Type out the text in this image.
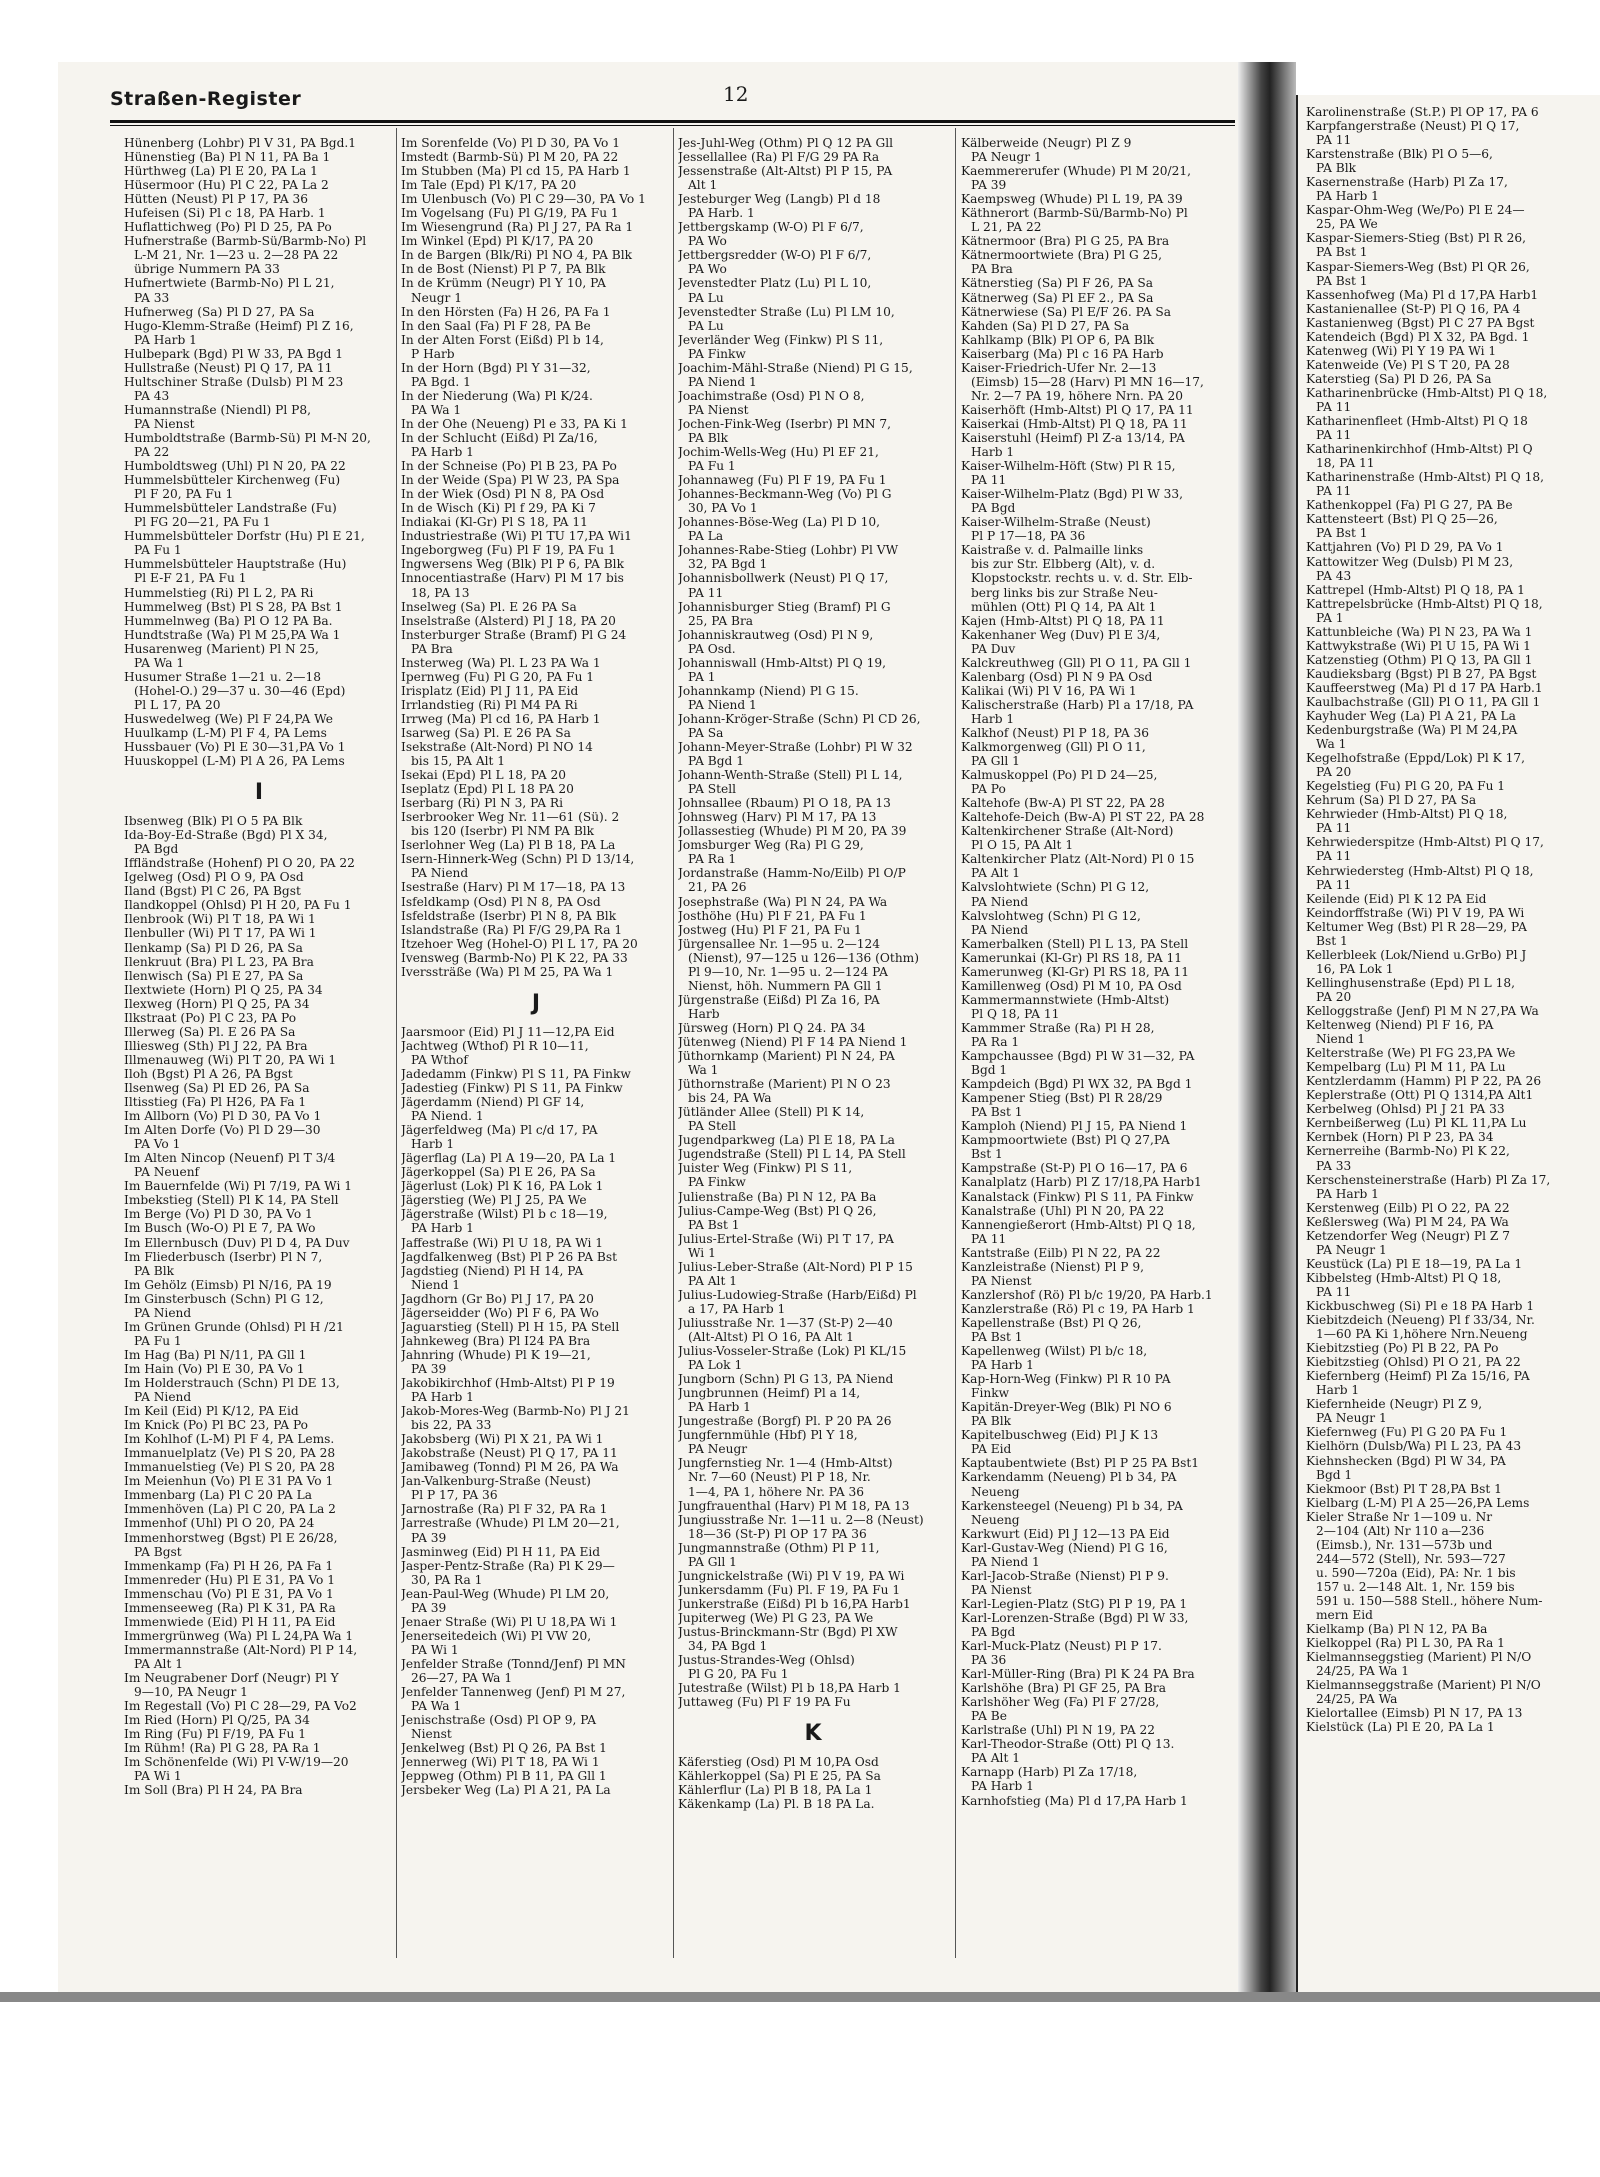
Straßen-Register	12
Hünenberg (Lohbr) Pl V 31, PA Bgd.1
Hünenstieg (Ba) Pl N 11, PA Ba 1
Hürthweg (La) Pl E 20, PA La 1
Hüsermoor (Hu) Pl C 22, PA La 2
Hütten (Neust) Pl P 17, PA 36
Hufeisen (Si) Pl c 18, PA Harb. 1
Huflattichweg (Po) Pl D 25, PA Po
Hufnerstraße (Barmb-Sü/Barmb-No) Pl
L-M 21, Nr. 1—23 u. 2—28 PA 22
übrige Nummern PA 33
Hufnertwiete (Barmb-No) Pl L 21,
PA 33
Hufnerweg (Sa) Pl D 27, PA Sa
Hugo-Klemm-Straße (Heimf) Pl Z 16,
PA Harb 1
Hulbepark (Bgd) Pl W 33, PA Bgd 1
Hullstraße (Neust) Pl Q 17, PA 11
Hultschiner Straße (Dulsb) Pl M 23
PA 43
Humannstraße (Niendl) Pl P8,
PA Nienst
Humboldtstraße (Barmb-Sü) Pl M-N 20,
PA 22
Humboldtsweg (Uhl) Pl N 20, PA 22
Hummelsbütteler Kirchenweg (Fu)
Pl F 20, PA Fu 1
Hummelsbütteler Landstraße (Fu)
Pl FG 20—21, PA Fu 1
Hummelsbütteler Dorfstr (Hu) Pl E 21,
PA Fu 1
Hummelsbütteler Hauptstraße (Hu)
Pl E-F 21, PA Fu 1
Hummelstieg (Ri) Pl L 2, PA Ri
Hummelweg (Bst) Pl S 28, PA Bst 1
Hummelnweg (Ba) Pl O 12 PA Ba.
Hundtstraße (Wa) Pl M 25,PA Wa 1
Husarenweg (Marient) Pl N 25,
PA Wa 1
Husumer Straße 1—21 u. 2—18
(Hohel-O.) 29—37 u. 30—46 (Epd)
Pl L 17, PA 20
Huswedelweg (We) Pl F 24,PA We
Huulkamp (L-M) Pl F 4, PA Lems
Hussbauer (Vo) Pl E 30—31,PA Vo 1
Huuskoppel (L-M) Pl A 26, PA Lems
I
Ibsenweg (Blk) Pl O 5 PA Blk
Ida-Boy-Ed-Straße (Bgd) Pl X 34,
PA Bgd
Iffländstraße (Hohenf) Pl O 20, PA 22
Igelweg (Osd) Pl O 9, PA Osd
Iland (Bgst) Pl C 26, PA Bgst
Ilandkoppel (Ohlsd) Pl H 20, PA Fu 1
Ilenbrook (Wi) Pl T 18, PA Wi 1
Ilenbuller (Wi) Pl T 17, PA Wi 1
Ilenkamp (Sa) Pl D 26, PA Sa
Ilenkruut (Bra) Pl L 23, PA Bra
Ilenwisch (Sa) Pl E 27, PA Sa
Ilextwiete (Horn) Pl Q 25, PA 34
Ilexweg (Horn) Pl Q 25, PA 34
Ilkstraat (Po) Pl C 23, PA Po
Illerweg (Sa) Pl. E 26 PA Sa
Illiesweg (Sth) Pl J 22, PA Bra
Illmenauweg (Wi) Pl T 20, PA Wi 1
Iloh (Bgst) Pl A 26, PA Bgst
Ilsenweg (Sa) Pl ED 26, PA Sa
Iltisstieg (Fa) Pl H26, PA Fa 1
Im Allborn (Vo) Pl D 30, PA Vo 1
Im Alten Dorfe (Vo) Pl D 29—30
PA Vo 1
Im Alten Nincop (Neuenf) Pl T 3/4
PA Neuenf
Im Bauernfelde (Wi) Pl 7/19, PA Wi 1
Imbekstieg (Stell) Pl K 14, PA Stell
Im Berge (Vo) Pl D 30, PA Vo 1
Im Busch (Wo-O) Pl E 7, PA Wo
Im Ellernbusch (Duv) Pl D 4, PA Duv
Im Fliederbusch (Iserbr) Pl N 7,
PA Blk
Im Gehölz (Eimsb) Pl N/16, PA 19
Im Ginsterbusch (Schn) Pl G 12,
PA Niend
Im Grünen Grunde (Ohlsd) Pl H /21
PA Fu 1
Im Hag (Ba) Pl N/11, PA Gll 1
Im Hain (Vo) Pl E 30, PA Vo 1
Im Holderstrauch (Schn) Pl DE 13,
PA Niend
Im Keil (Eid) Pl K/12, PA Eid
Im Knick (Po) Pl BC 23, PA Po
Im Kohlhof (L-M) Pl F 4, PA Lems.
Immanuelplatz (Ve) Pl S 20, PA 28
Immanuelstieg (Ve) Pl S 20, PA 28
Im Meienhun (Vo) Pl E 31 PA Vo 1
Immenbarg (La) Pl C 20 PA La
Immenhöven (La) Pl C 20, PA La 2
Immenhof (Uhl) Pl O 20, PA 24
Immenhorstweg (Bgst) Pl E 26/28,
PA Bgst
Immenkamp (Fa) Pl H 26, PA Fa 1
Immenreder (Hu) Pl E 31, PA Vo 1
Immenschau (Vo) Pl E 31, PA Vo 1
Immenseeweg (Ra) Pl K 31, PA Ra
Immenwiede (Eid) Pl H 11, PA Eid
Immergrünweg (Wa) Pl L 24,PA Wa 1
Immermannstraße (Alt-Nord) Pl P 14,
PA Alt 1
Im Neugrabener Dorf (Neugr) Pl Y
9—10, PA Neugr 1
Im Regestall (Vo) Pl C 28—29, PA Vo2
Im Ried (Horn) Pl Q/25, PA 34
Im Ring (Fu) Pl F/19, PA Fu 1
Im Rühm! (Ra) Pl G 28, PA Ra 1
Im Schönenfelde (Wi) Pl V-W/19—20
PA Wi 1
Im Soll (Bra) Pl H 24, PA Bra
Im Sorenfelde (Vo) Pl D 30, PA Vo 1
Imstedt (Barmb-Sü) Pl M 20, PA 22
Im Stubben (Ma) Pl cd 15, PA Harb 1
Im Tale (Epd) Pl K/17, PA 20
Im Ulenbusch (Vo) Pl C 29—30, PA Vo 1
Im Vogelsang (Fu) Pl G/19, PA Fu 1
Im Wiesengrund (Ra) Pl J 27, PA Ra 1
Im Winkel (Epd) Pl K/17, PA 20
In de Bargen (Blk/Ri) Pl NO 4, PA Blk
In de Bost (Nienst) Pl P 7, PA Blk
In de Krümm (Neugr) Pl Y 10, PA
Neugr 1
In den Hörsten (Fa) H 26, PA Fa 1
In den Saal (Fa) Pl F 28, PA Be
In der Alten Forst (Eißd) Pl b 14,
P Harb
In der Horn (Bgd) Pl Y 31—32,
PA Bgd. 1
In der Niederung (Wa) Pl K/24.
PA Wa 1
In der Ohe (Neueng) Pl e 33, PA Ki 1
In der Schlucht (Eißd) Pl Za/16,
PA Harb 1
In der Schneise (Po) Pl B 23, PA Po
In der Weide (Spa) Pl W 23, PA Spa
In der Wiek (Osd) Pl N 8, PA Osd
In de Wisch (Ki) Pl f 29, PA Ki 7
Indiakai (Kl-Gr) Pl S 18, PA 11
Industriestraße (Wi) Pl TU 17,PA Wi1
Ingeborgweg (Fu) Pl F 19, PA Fu 1
Ingwersens Weg (Blk) Pl P 6, PA Blk
Innocentiastraße (Harv) Pl M 17 bis
18, PA 13
Inselweg (Sa) Pl. E 26 PA Sa
Inselstraße (Alsterd) Pl J 18, PA 20
Insterburger Straße (Bramf) Pl G 24
PA Bra
Insterweg (Wa) Pl. L 23 PA Wa 1
Ipernweg (Fu) Pl G 20, PA Fu 1
Irisplatz (Eid) Pl J 11, PA Eid
Irrlandstieg (Ri) Pl M4 PA Ri
Irrweg (Ma) Pl cd 16, PA Harb 1
Isarweg (Sa) Pl. E 26 PA Sa
Isekstraße (Alt-Nord) Pl NO 14
bis 15, PA Alt 1
Isekai (Epd) Pl L 18, PA 20
Iseplatz (Epd) Pl L 18 PA 20
Iserbarg (Ri) Pl N 3, PA Ri
Iserbrooker Weg Nr. 11—61 (Sü). 2
bis 120 (Iserbr) Pl NM PA Blk
Iserlohner Weg (La) Pl B 18, PA La
Isern-Hinnerk-Weg (Schn) Pl D 13/14,
PA Niend
Isestraße (Harv) Pl M 17—18, PA 13
Isfeldkamp (Osd) Pl N 8, PA Osd
Isfeldstraße (Iserbr) Pl N 8, PA Blk
Islandstraße (Ra) Pl F/G 29,PA Ra 1
Itzehoer Weg (Hohel-O) Pl L 17, PA 20
Ivensweg (Barmb-No) Pl K 22, PA 33
Iverssträße (Wa) Pl M 25, PA Wa 1
J
Jaarsmoor (Eid) Pl J 11—12,PA Eid
Jachtweg (Wthof) Pl R 10—11,
PA Wthof
Jadedamm (Finkw) Pl S 11, PA Finkw
Jadestieg (Finkw) Pl S 11, PA Finkw
Jägerdamm (Niend) Pl GF 14,
PA Niend. 1
Jägerfeldweg (Ma) Pl c/d 17, PA
Harb 1
Jägerflag (La) Pl A 19—20, PA La 1
Jägerkoppel (Sa) Pl E 26, PA Sa
Jägerlust (Lok) Pl K 16, PA Lok 1
Jägerstieg (We) Pl J 25, PA We
Jägerstraße (Wilst) Pl b c 18—19,
PA Harb 1
Jaffestraße (Wi) Pl U 18, PA Wi 1
Jagdfalkenweg (Bst) Pl P 26 PA Bst
Jagdstieg (Niend) Pl H 14, PA
Niend 1
Jagdhorn (Gr Bo) Pl J 17, PA 20
Jägerseidder (Wo) Pl F 6, PA Wo
Jaguarstieg (Stell) Pl H 15, PA Stell
Jahnkeweg (Bra) Pl I24 PA Bra
Jahnring (Whude) Pl K 19—21,
PA 39
Jakobikirchhof (Hmb-Altst) Pl P 19
PA Harb 1
Jakob-Mores-Weg (Barmb-No) Pl J 21
bis 22, PA 33
Jakobsberg (Wi) Pl X 21, PA Wi 1
Jakobstraße (Neust) Pl Q 17, PA 11
Jamibaweg (Tonnd) Pl M 26, PA Wa
Jan-Valkenburg-Straße (Neust)
Pl P 17, PA 36
Jarnostraße (Ra) Pl F 32, PA Ra 1
Jarrestraße (Whude) Pl LM 20—21,
PA 39
Jasminweg (Eid) Pl H 11, PA Eid
Jasper-Pentz-Straße (Ra) Pl K 29—
30, PA Ra 1
Jean-Paul-Weg (Whude) Pl LM 20,
PA 39
Jenaer Straße (Wi) Pl U 18,PA Wi 1
Jenerseitedeich (Wi) Pl VW 20,
PA Wi 1
Jenfelder Straße (Tonnd/Jenf) Pl MN
26—27, PA Wa 1
Jenfelder Tannenweg (Jenf) Pl M 27,
PA Wa 1
Jenischstraße (Osd) Pl OP 9, PA
Nienst
Jenkelweg (Bst) Pl Q 26, PA Bst 1
Jennerweg (Wi) Pl T 18, PA Wi 1
Jeppweg (Othm) Pl B 11, PA Gll 1
Jersbeker Weg (La) Pl A 21, PA La
Jes-Juhl-Weg (Othm) Pl Q 12 PA Gll
Jessellallee (Ra) Pl F/G 29 PA Ra
Jessenstraße (Alt-Altst) Pl P 15, PA
Alt 1
Jesteburger Weg (Langb) Pl d 18
PA Harb. 1
Jettbergskamp (W-O) Pl F 6/7,
PA Wo
Jettbergsredder (W-O) Pl F 6/7,
PA Wo
Jevenstedter Platz (Lu) Pl L 10,
PA Lu
Jevenstedter Straße (Lu) Pl LM 10,
PA Lu
Jeverländer Weg (Finkw) Pl S 11,
PA Finkw
Joachim-Mähl-Straße (Niend) Pl G 15,
PA Niend 1
Joachimstraße (Osd) Pl N O 8,
PA Nienst
Jochen-Fink-Weg (Iserbr) Pl MN 7,
PA Blk
Jochim-Wells-Weg (Hu) Pl EF 21,
PA Fu 1
Johannaweg (Fu) Pl F 19, PA Fu 1
Johannes-Beckmann-Weg (Vo) Pl G
30, PA Vo 1
Johannes-Böse-Weg (La) Pl D 10,
PA La
Johannes-Rabe-Stieg (Lohbr) Pl VW
32, PA Bgd 1
Johannisbollwerk (Neust) Pl Q 17,
PA 11
Johannisburger Stieg (Bramf) Pl G
25, PA Bra
Johanniskrautweg (Osd) Pl N 9,
PA Osd.
Johanniswall (Hmb-Altst) Pl Q 19,
PA 1
Johannkamp (Niend) Pl G 15.
PA Niend 1
Johann-Kröger-Straße (Schn) Pl CD 26,
PA Sa
Johann-Meyer-Straße (Lohbr) Pl W 32
PA Bgd 1
Johann-Wenth-Straße (Stell) Pl L 14,
PA Stell
Johnsallee (Rbaum) Pl O 18, PA 13
Johnsweg (Harv) Pl M 17, PA 13
Jollassestieg (Whude) Pl M 20, PA 39
Jomsburger Weg (Ra) Pl G 29,
PA Ra 1
Jordanstraße (Hamm-No/Eilb) Pl O/P
21, PA 26
Josephstraße (Wa) Pl N 24, PA Wa
Josthöhe (Hu) Pl F 21, PA Fu 1
Jostweg (Hu) Pl F 21, PA Fu 1
Jürgensallee Nr. 1—95 u. 2—124
(Nienst), 97—125 u 126—136 (Othm)
Pl 9—10, Nr. 1—95 u. 2—124 PA
Nienst, höh. Nummern PA Gll 1
Jürgenstraße (Eißd) Pl Za 16, PA
Harb
Jürsweg (Horn) Pl Q 24. PA 34
Jütenweg (Niend) Pl F 14 PA Niend 1
Jüthornkamp (Marient) Pl N 24, PA
Wa 1
Jüthornstraße (Marient) Pl N O 23
bis 24, PA Wa
Jütländer Allee (Stell) Pl K 14,
PA Stell
Jugendparkweg (La) Pl E 18, PA La
Jugendstraße (Stell) Pl L 14, PA Stell
Juister Weg (Finkw) Pl S 11,
PA Finkw
Julienstraße (Ba) Pl N 12, PA Ba
Julius-Campe-Weg (Bst) Pl Q 26,
PA Bst 1
Julius-Ertel-Straße (Wi) Pl T 17, PA
Wi 1
Julius-Leber-Straße (Alt-Nord) Pl P 15
PA Alt 1
Julius-Ludowieg-Straße (Harb/Eißd) Pl
a 17, PA Harb 1
Juliusstraße Nr. 1—37 (St-P) 2—40
(Alt-Altst) Pl O 16, PA Alt 1
Julius-Vosseler-Straße (Lok) Pl KL/15
PA Lok 1
Jungborn (Schn) Pl G 13, PA Niend
Jungbrunnen (Heimf) Pl a 14,
PA Harb 1
Jungestraße (Borgf) Pl. P 20 PA 26
Jungfernmühle (Hbf) Pl Y 18,
PA Neugr
Jungfernstieg Nr. 1—4 (Hmb-Altst)
Nr. 7—60 (Neust) Pl P 18, Nr.
1—4, PA 1, höhere Nr. PA 36
Jungfrauenthal (Harv) Pl M 18, PA 13
Jungiusstraße Nr. 1—11 u. 2—8 (Neust)
18—36 (St-P) Pl OP 17 PA 36
Jungmannstraße (Othm) Pl P 11,
PA Gll 1
Jungnickelstraße (Wi) Pl V 19, PA Wi
Junkersdamm (Fu) Pl. F 19, PA Fu 1
Junkerstraße (Eißd) Pl b 16,PA Harb1
Jupiterweg (We) Pl G 23, PA We
Justus-Brinckmann-Str (Bgd) Pl XW
34, PA Bgd 1
Justus-Strandes-Weg (Ohlsd)
Pl G 20, PA Fu 1
Jutestraße (Wilst) Pl b 18,PA Harb 1
Juttaweg (Fu) Pl F 19 PA Fu
K
Käferstieg (Osd) Pl M 10,PA Osd
Kählerkoppel (Sa) Pl E 25, PA Sa
Kählerflur (La) Pl B 18, PA La 1
Käkenkamp (La) Pl. B 18 PA La.
Kälberweide (Neugr) Pl Z 9
PA Neugr 1
Kaemmererufer (Whude) Pl M 20/21,
PA 39
Kaempsweg (Whude) Pl L 19, PA 39
Käthnerort (Barmb-Sü/Barmb-No) Pl
L 21, PA 22
Kätnermoor (Bra) Pl G 25, PA Bra
Kätnermoortwiete (Bra) Pl G 25,
PA Bra
Kätnerstieg (Sa) Pl F 26, PA Sa
Kätnerweg (Sa) Pl EF 2., PA Sa
Kätnerwiese (Sa) Pl E/F 26. PA Sa
Kahden (Sa) Pl D 27, PA Sa
Kahlkamp (Blk) Pl OP 6, PA Blk
Kaiserbarg (Ma) Pl c 16 PA Harb
Kaiser-Friedrich-Ufer Nr. 2—13
(Eimsb) 15—28 (Harv) Pl MN 16—17,
Nr. 2—7 PA 19, höhere Nrn. PA 20
Kaiserhöft (Hmb-Altst) Pl Q 17, PA 11
Kaiserkai (Hmb-Altst) Pl Q 18, PA 11
Kaiserstuhl (Heimf) Pl Z-a 13/14, PA
Harb 1
Kaiser-Wilhelm-Höft (Stw) Pl R 15,
PA 11
Kaiser-Wilhelm-Platz (Bgd) Pl W 33,
PA Bgd
Kaiser-Wilhelm-Straße (Neust)
Pl P 17—18, PA 36
Kaistraße v. d. Palmaille links
bis zur Str. Elbberg (Alt), v. d.
Klopstockstr. rechts u. v. d. Str. Elb-
berg links bis zur Straße Neu-
mühlen (Ott) Pl Q 14, PA Alt 1
Kajen (Hmb-Altst) Pl Q 18, PA 11
Kakenhaner Weg (Duv) Pl E 3/4,
PA Duv
Kalckreuthweg (Gll) Pl O 11, PA Gll 1
Kalenbarg (Osd) Pl N 9 PA Osd
Kalikai (Wi) Pl V 16, PA Wi 1
Kalischerstraße (Harb) Pl a 17/18, PA
Harb 1
Kalkhof (Neust) Pl P 18, PA 36
Kalkmorgenweg (Gll) Pl O 11,
PA Gll 1
Kalmuskoppel (Po) Pl D 24—25,
PA Po
Kaltehofe (Bw-A) Pl ST 22, PA 28
Kaltehofe-Deich (Bw-A) Pl ST 22, PA 28
Kaltenkirchener Straße (Alt-Nord)
Pl O 15, PA Alt 1
Kaltenkircher Platz (Alt-Nord) Pl 0 15
PA Alt 1
Kalvslohtwiete (Schn) Pl G 12,
PA Niend
Kalvslohtweg (Schn) Pl G 12,
PA Niend
Kamerbalken (Stell) Pl L 13, PA Stell
Kamerunkai (Kl-Gr) Pl RS 18, PA 11
Kamerunweg (Kl-Gr) Pl RS 18, PA 11
Kamillenweg (Osd) Pl M 10, PA Osd
Kammermannstwiete (Hmb-Altst)
Pl Q 18, PA 11
Kammmer Straße (Ra) Pl H 28,
PA Ra 1
Kampchaussee (Bgd) Pl W 31—32, PA
Bgd 1
Kampdeich (Bgd) Pl WX 32, PA Bgd 1
Kampener Stieg (Bst) Pl R 28/29
PA Bst 1
Kamploh (Niend) Pl J 15, PA Niend 1
Kampmoortwiete (Bst) Pl Q 27,PA
Bst 1
Kampstraße (St-P) Pl O 16—17, PA 6
Kanalplatz (Harb) Pl Z 17/18,PA Harb1
Kanalstack (Finkw) Pl S 11, PA Finkw
Kanalstraße (Uhl) Pl N 20, PA 22
Kannengießerort (Hmb-Altst) Pl Q 18,
PA 11
Kantstraße (Eilb) Pl N 22, PA 22
Kanzleistraße (Nienst) Pl P 9,
PA Nienst
Kanzlershof (Rö) Pl b/c 19/20, PA Harb.1
Kanzlerstraße (Rö) Pl c 19, PA Harb 1
Kapellenstraße (Bst) Pl Q 26,
PA Bst 1
Kapellenweg (Wilst) Pl b/c 18,
PA Harb 1
Kap-Horn-Weg (Finkw) Pl R 10 PA
Finkw
Kapitän-Dreyer-Weg (Blk) Pl NO 6
PA Blk
Kapitelbuschweg (Eid) Pl J K 13
PA Eid
Kaptaubentwiete (Bst) Pl P 25 PA Bst1
Karkendamm (Neueng) Pl b 34, PA
Neueng
Karkensteegel (Neueng) Pl b 34, PA
Neueng
Karkwurt (Eid) Pl J 12—13 PA Eid
Karl-Gustav-Weg (Niend) Pl G 16,
PA Niend 1
Karl-Jacob-Straße (Nienst) Pl P 9.
PA Nienst
Karl-Legien-Platz (StG) Pl P 19, PA 1
Karl-Lorenzen-Straße (Bgd) Pl W 33,
PA Bgd
Karl-Muck-Platz (Neust) Pl P 17.
PA 36
Karl-Müller-Ring (Bra) Pl K 24 PA Bra
Karlshöhe (Bra) Pl GF 25, PA Bra
Karlshöher Weg (Fa) Pl F 27/28,
PA Be
Karlstraße (Uhl) Pl N 19, PA 22
Karl-Theodor-Straße (Ott) Pl Q 13.
PA Alt 1
Karnapp (Harb) Pl Za 17/18,
PA Harb 1
Karnhofstieg (Ma) Pl d 17,PA Harb 1
Karolinenstraße (St.P.) Pl OP 17, PA 6
Karpfangerstraße (Neust) Pl Q 17,
PA 11
Karstenstraße (Blk) Pl O 5—6,
PA Blk
Kasernenstraße (Harb) Pl Za 17,
PA Harb 1
Kaspar-Ohm-Weg (We/Po) Pl E 24—
25, PA We
Kaspar-Siemers-Stieg (Bst) Pl R 26,
PA Bst 1
Kaspar-Siemers-Weg (Bst) Pl QR 26,
PA Bst 1
Kassenhofweg (Ma) Pl d 17,PA Harb1
Kastanienallee (St-P) Pl Q 16, PA 4
Kastanienweg (Bgst) Pl C 27 PA Bgst
Katendeich (Bgd) Pl X 32, PA Bgd. 1
Katenweg (Wi) Pl Y 19 PA Wi 1
Katenweide (Ve) Pl S T 20, PA 28
Katerstieg (Sa) Pl D 26, PA Sa
Katharinenbrücke (Hmb-Altst) Pl Q 18,
PA 11
Katharinenfleet (Hmb-Altst) Pl Q 18
PA 11
Katharinenkirchhof (Hmb-Altst) Pl Q
18, PA 11
Katharinenstraße (Hmb-Altst) Pl Q 18,
PA 11
Kathenkoppel (Fa) Pl G 27, PA Be
Kattensteert (Bst) Pl Q 25—26,
PA Bst 1
Kattjahren (Vo) Pl D 29, PA Vo 1
Kattowitzer Weg (Dulsb) Pl M 23,
PA 43
Kattrepel (Hmb-Altst) Pl Q 18, PA 1
Kattrepelsbrücke (Hmb-Altst) Pl Q 18,
PA 1
Kattunbleiche (Wa) Pl N 23, PA Wa 1
Kattwykstraße (Wi) Pl U 15, PA Wi 1
Katzenstieg (Othm) Pl Q 13, PA Gll 1
Kaudieksbarg (Bgst) Pl B 27, PA Bgst
Kauffeerstweg (Ma) Pl d 17 PA Harb.1
Kaulbachstraße (Gll) Pl O 11, PA Gll 1
Kayhuder Weg (La) Pl A 21, PA La
Kedenburgstraße (Wa) Pl M 24,PA
Wa 1
Kegelhofstraße (Eppd/Lok) Pl K 17,
PA 20
Kegelstieg (Fu) Pl G 20, PA Fu 1
Kehrum (Sa) Pl D 27, PA Sa
Kehrwieder (Hmb-Altst) Pl Q 18,
PA 11
Kehrwiederspitze (Hmb-Altst) Pl Q 17,
PA 11
Kehrwiedersteg (Hmb-Altst) Pl Q 18,
PA 11
Keilende (Eid) Pl K 12 PA Eid
Keindorffstraße (Wi) Pl V 19, PA Wi
Keltumer Weg (Bst) Pl R 28—29, PA
Bst 1
Kellerbleek (Lok/Niend u.GrBo) Pl J
16, PA Lok 1
Kellinghusenstraße (Epd) Pl L 18,
PA 20
Kelloggstraße (Jenf) Pl M N 27,PA Wa
Keltenweg (Niend) Pl F 16, PA
Niend 1
Kelterstraße (We) Pl FG 23,PA We
Kempelbarg (Lu) Pl M 11, PA Lu
Kentzlerdamm (Hamm) Pl P 22, PA 26
Keplerstraße (Ott) Pl Q 1314,PA Alt1
Kerbelweg (Ohlsd) Pl J 21 PA 33
Kernbeißerweg (Lu) Pl KL 11,PA Lu
Kernbek (Horn) Pl P 23, PA 34
Kernerreihe (Barmb-No) Pl K 22,
PA 33
Kerschensteinerstraße (Harb) Pl Za 17,
PA Harb 1
Kerstenweg (Eilb) Pl O 22, PA 22
Keßlersweg (Wa) Pl M 24, PA Wa
Ketzendorfer Weg (Neugr) Pl Z 7
PA Neugr 1
Keustück (La) Pl E 18—19, PA La 1
Kibbelsteg (Hmb-Altst) Pl Q 18,
PA 11
Kickbuschweg (Si) Pl e 18 PA Harb 1
Kiebitzdeich (Neueng) Pl f 33/34, Nr.
1—60 PA Ki 1,höhere Nrn.Neueng
Kiebitzstieg (Po) Pl B 22, PA Po
Kiebitzstieg (Ohlsd) Pl O 21, PA 22
Kiefernberg (Heimf) Pl Za 15/16, PA
Harb 1
Kiefernheide (Neugr) Pl Z 9,
PA Neugr 1
Kiefernweg (Fu) Pl G 20 PA Fu 1
Kielhörn (Dulsb/Wa) Pl L 23, PA 43
Kiehnshecken (Bgd) Pl W 34, PA
Bgd 1
Kiekmoor (Bst) Pl T 28,PA Bst 1
Kielbarg (L-M) Pl A 25—26,PA Lems
Kieler Straße Nr 1—109 u. Nr
2—104 (Alt) Nr 110 a—236
(Eimsb.), Nr. 131—573b und
244—572 (Stell), Nr. 593—727
u. 590—720a (Eid), PA: Nr. 1 bis
157 u. 2—148 Alt. 1, Nr. 159 bis
591 u. 150—588 Stell., höhere Num-
mern Eid
Kielkamp (Ba) Pl N 12, PA Ba
Kielkoppel (Ra) Pl L 30, PA Ra 1
Kielmannseggstieg (Marient) Pl N/O
24/25, PA Wa 1
Kielmannseggstraße (Marient) Pl N/O
24/25, PA Wa
Kielortallee (Eimsb) Pl N 17, PA 13
Kielstück (La) Pl E 20, PA La 1
